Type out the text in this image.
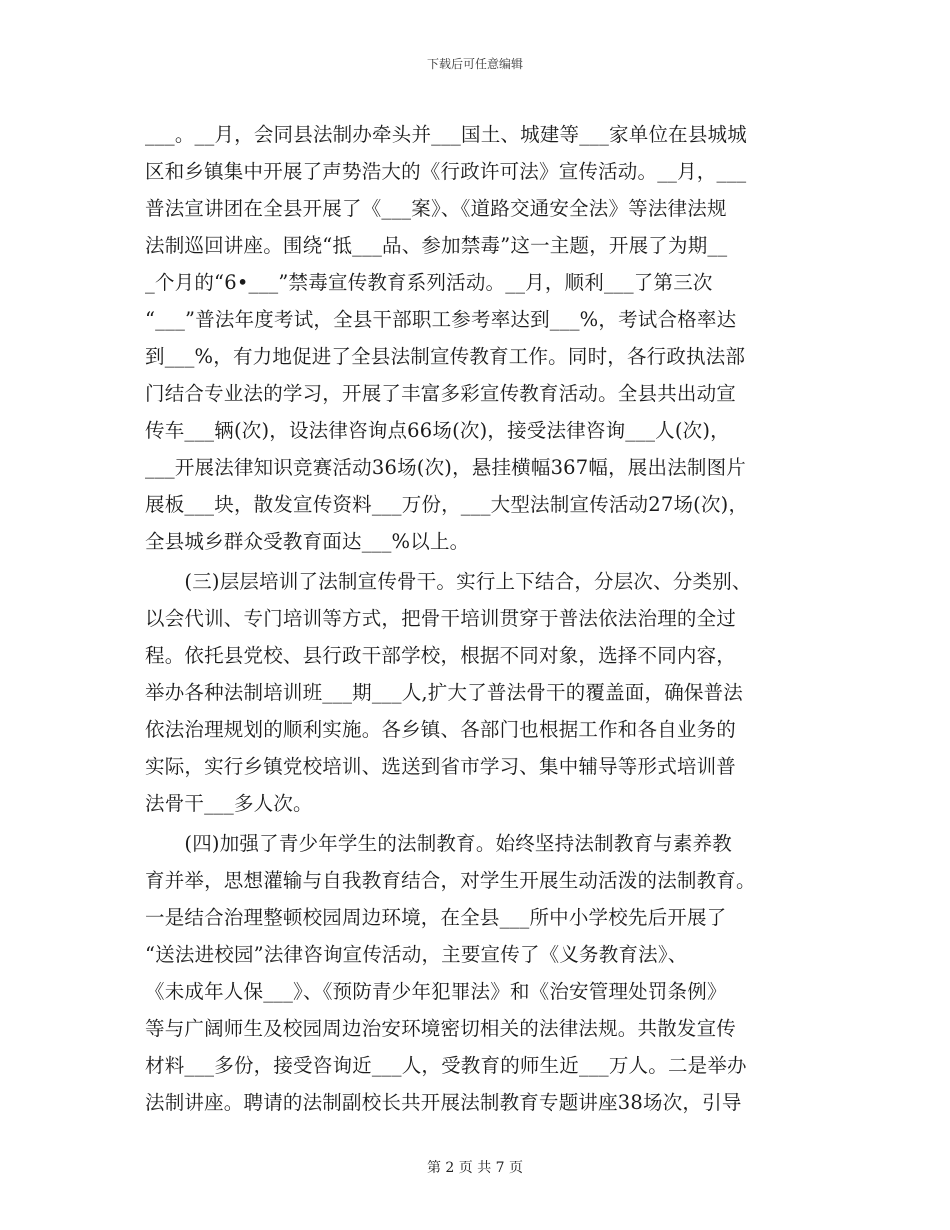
下载后可任意编辑
___。__月，会同县法制办牵头并___国土、城建等___家单位在县城城
区和乡镇集中开展了声势浩大的《行政许可法》宣传活动。__月，___
普法宣讲团在全县开展了《___案》、《道路交通安全法》等法律法规
法制巡回讲座。围绕“抵___品、参加禁毒”这一主题，开展了为期__
_个月的“6•___”禁毒宣传教育系列活动。__月，顺利___了第三次
“___”普法年度考试，全县干部职工参考率达到___%，考试合格率达
到___%，有力地促进了全县法制宣传教育工作。同时，各行政执法部
门结合专业法的学习，开展了丰富多彩宣传教育活动。全县共出动宣
传车___辆(次)，设法律咨询点66场(次)，接受法律咨询___人(次)，
___开展法律知识竞赛活动36场(次)，悬挂横幅367幅，展出法制图片
展板___块，散发宣传资料___万份，___大型法制宣传活动27场(次)，
全县城乡群众受教育面达___%以上。
　　(三)层层培训了法制宣传骨干。实行上下结合，分层次、分类别、
以会代训、专门培训等方式，把骨干培训贯穿于普法依法治理的全过
程。依托县党校、县行政干部学校，根据不同对象，选择不同内容，
举办各种法制培训班___期___人,扩大了普法骨干的覆盖面，确保普法
依法治理规划的顺利实施。各乡镇、各部门也根据工作和各自业务的
实际，实行乡镇党校培训、选送到省市学习、集中辅导等形式培训普
法骨干___多人次。
　　(四)加强了青少年学生的法制教育。始终坚持法制教育与素养教
育并举，思想灌输与自我教育结合，对学生开展生动活泼的法制教育。
一是结合治理整顿校园周边环境，在全县___所中小学校先后开展了
“送法进校园”法律咨询宣传活动，主要宣传了《义务教育法》、
《未成年人保___》、《预防青少年犯罪法》和《治安管理处罚条例》
等与广阔师生及校园周边治安环境密切相关的法律法规。共散发宣传
材料___多份，接受咨询近___人，受教育的师生近___万人。二是举办
法制讲座。聘请的法制副校长共开展法制教育专题讲座38场次，引导
第 2 页 共 7 页
